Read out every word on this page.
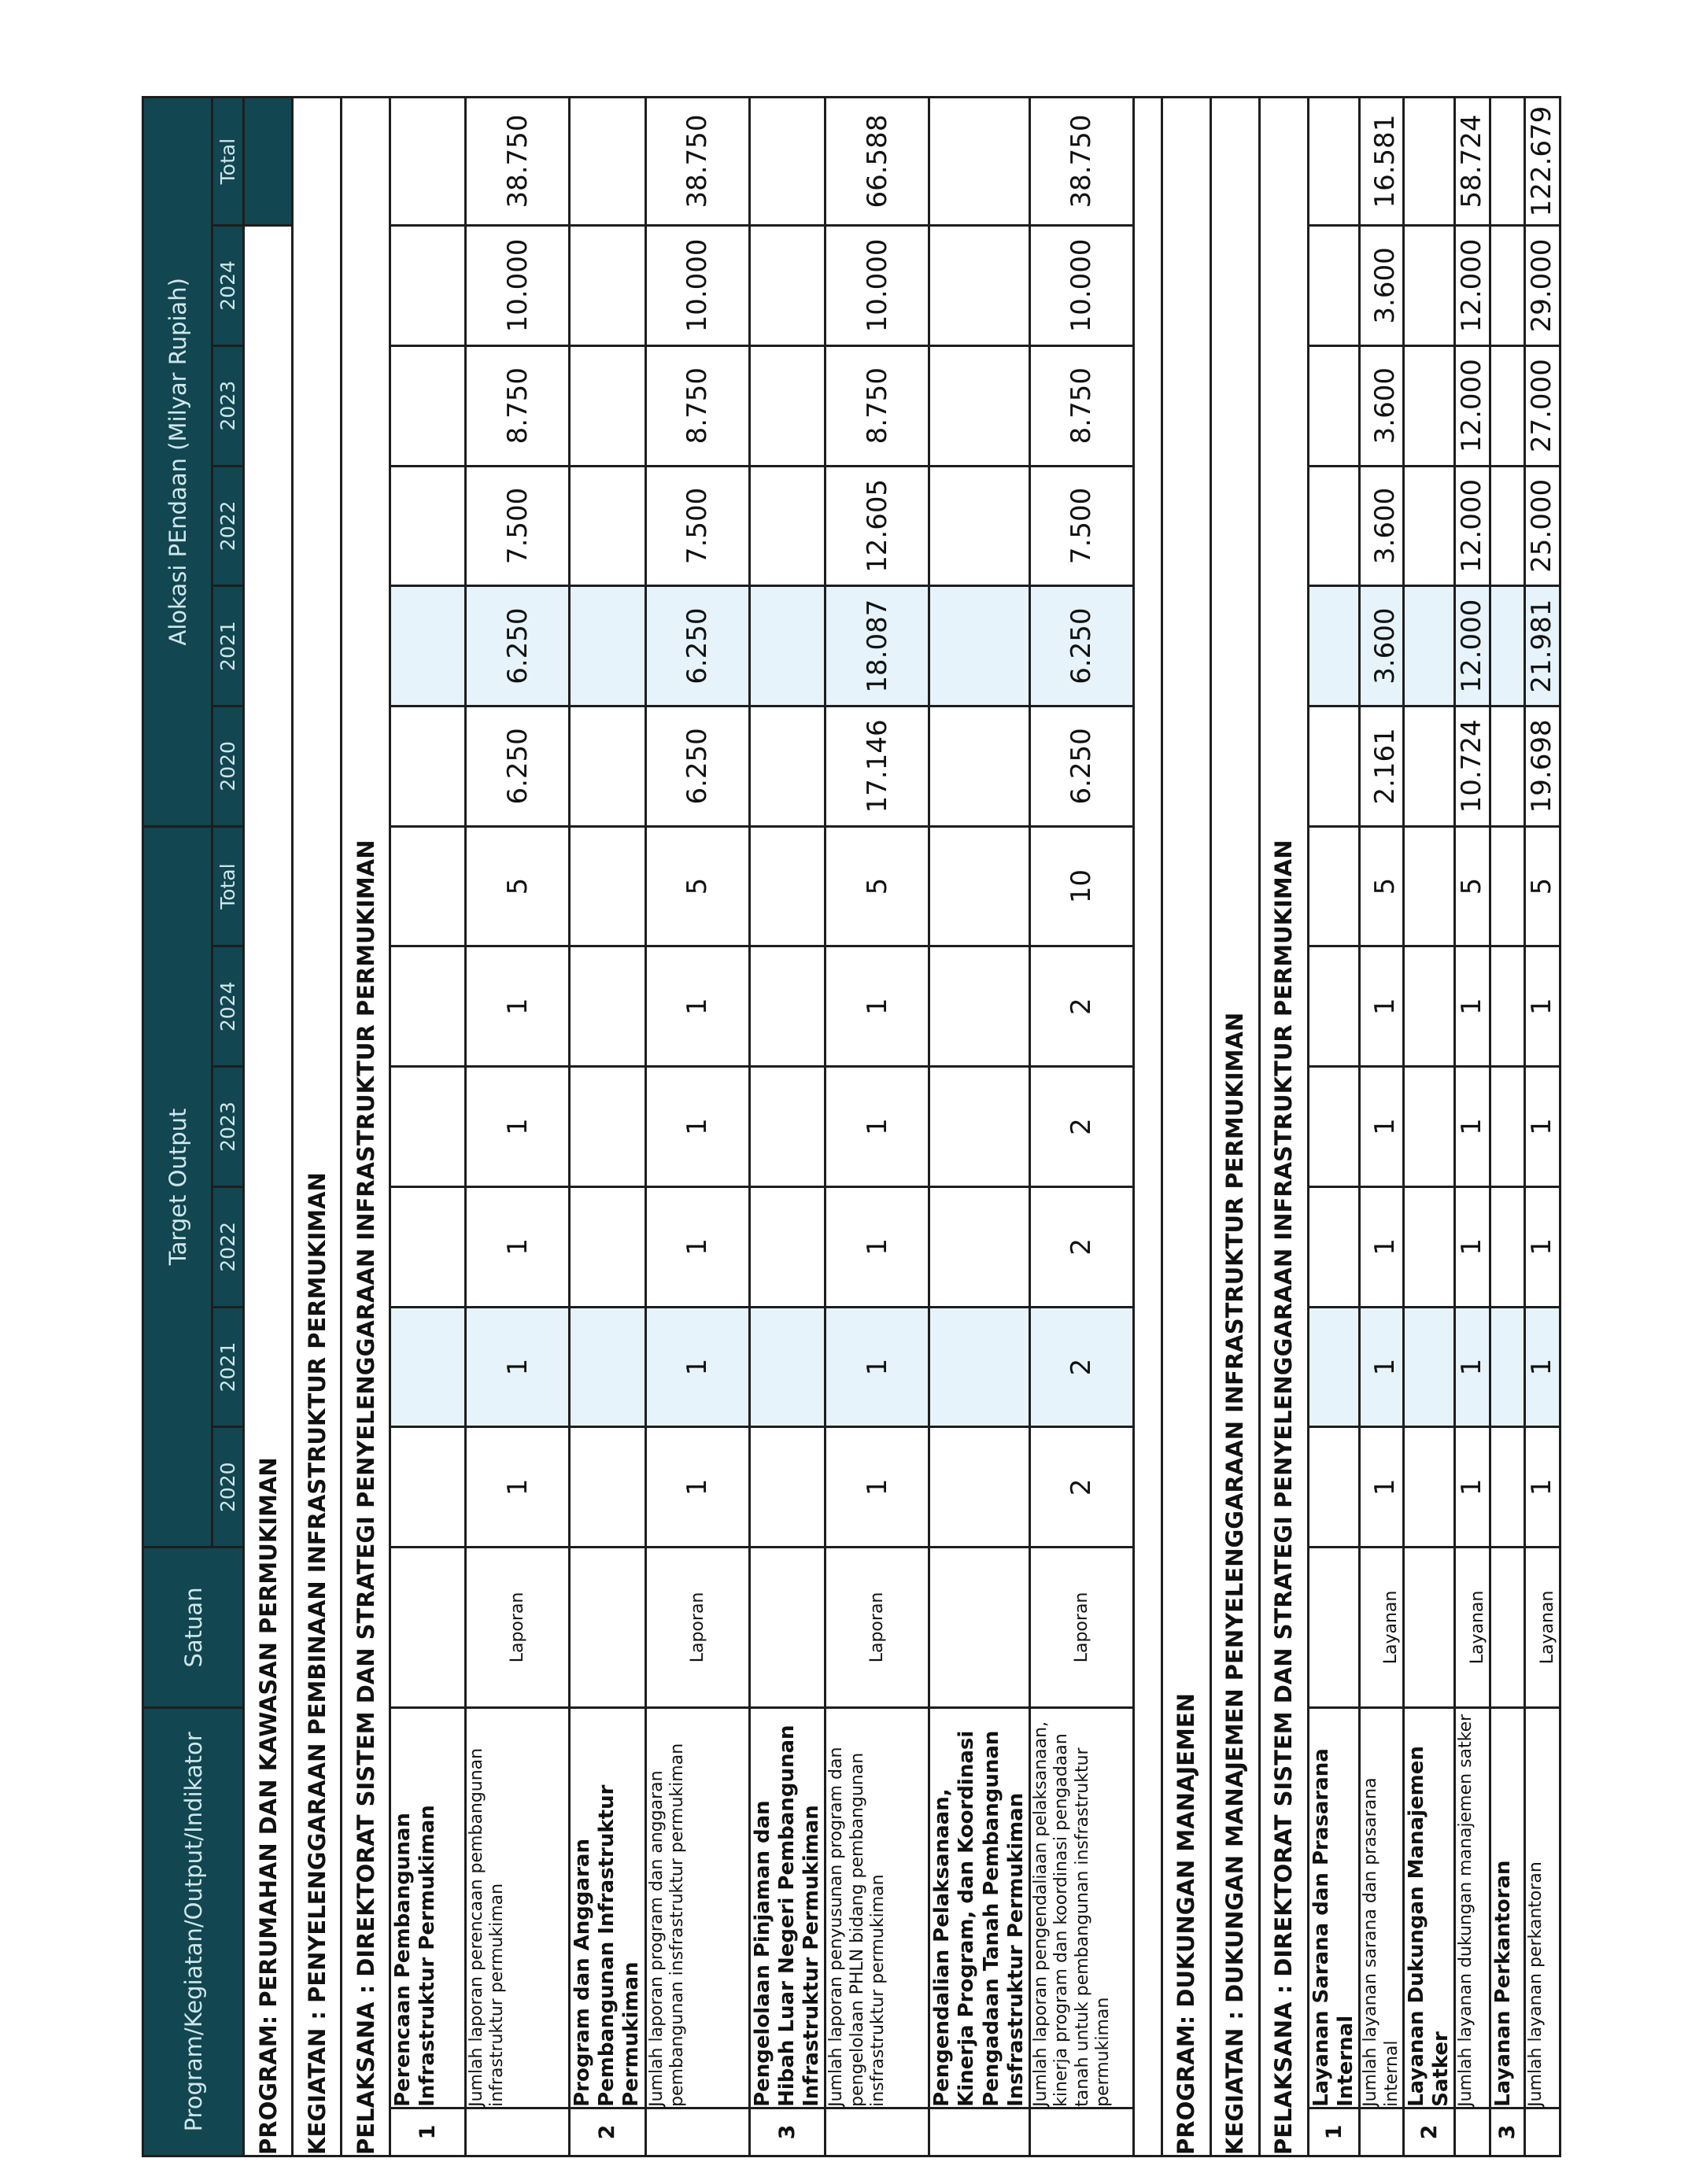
Program/Kegiatan/Output/Indikator		Satuan	Target Output						Alokasi PEndaan (Milyar Rupiah)					
			2020	2021	2022	2023	2024	Total	2020	2021	2022	2023	2024	Total
PROGRAM: PERUMAHAN DAN KAWASAN PERMUKIMAN														
KEGIATAN : PENYELENGGARAAN PEMBINAAN INFRASTRUKTUR PERMUKIMAN														
PELAKSANA : DIREKTORAT SISTEM DAN STRATEGI PENYELENGGARAAN INFRASTRUKTUR PERMUKIMAN														
1	Perencaan Pembangunan Infrastruktur Permukiman													

	Jumlah laporan perencaan pembangunan infrastruktur permukiman	Laporan	1	1	1	1	1	5	6.250	6.250	7.500	8.750	10.000	38.750
2	Program dan Anggaran Pembangunan Infrastruktur Permukiman													

	Jumlah laporan program dan anggaran pembangunan insfrastruktur permukiman	Laporan	1	1	1	1	1	5	6.250	6.250	7.500	8.750	10.000	38.750
3	Pengelolaan Pinjaman dan Hibah Luar Negeri Pembangunan Infrastruktur Permukiman													

	Jumlah laporan penyusunan program dan pengelolaan PHLN bidang pembangunan insfrastruktur permukiman	Laporan	1	1	1	1	1	5	17.146	18.087	12.605	8.750	10.000	66.588

	Pengendalian Pelaksanaan, Kinerja Program, dan Koordinasi Pengadaan Tanah Pembangunan Insfrastruktur Permukiman													

	Jumlah laporan pengendaliaan pelaksanaan, kinerja program dan koordinasi pengadaan tanah untuk pembangunan insfrastruktur permukiman	Laporan	2	2	2	2	2	10	6.250	6.250	7.500	8.750	10.000	38.750

PROGRAM: DUKUNGAN MANAJEMEN														
KEGIATAN : DUKUNGAN MANAJEMEN PENYELENGGARAAN INFRASTRUKTUR PERMUKIMAN														
PELAKSANA : DIREKTORAT SISTEM DAN STRATEGI PENYELENGGARAAN INFRASTRUKTUR PERMUKIMAN														
1	Layanan Sarana dan Prasarana Internal													
	Jumlah layanan sarana dan prasarana internal	Layanan	1	1	1	1	1	5	2.161	3.600	3.600	3.600	3.600	16.581
2	Layanan Dukungan Manajemen Satker													
	Jumlah layanan dukungan manajemen satker	Layanan	1	1	1	1	1	5	10.724	12.000	12.000	12.000	12.000	58.724
3	Layanan Perkantoran													
	Jumlah layanan perkantoran	Layanan	1	1	1	1	1	5	19.698	21.981	25.000	27.000	29.000	122.679
